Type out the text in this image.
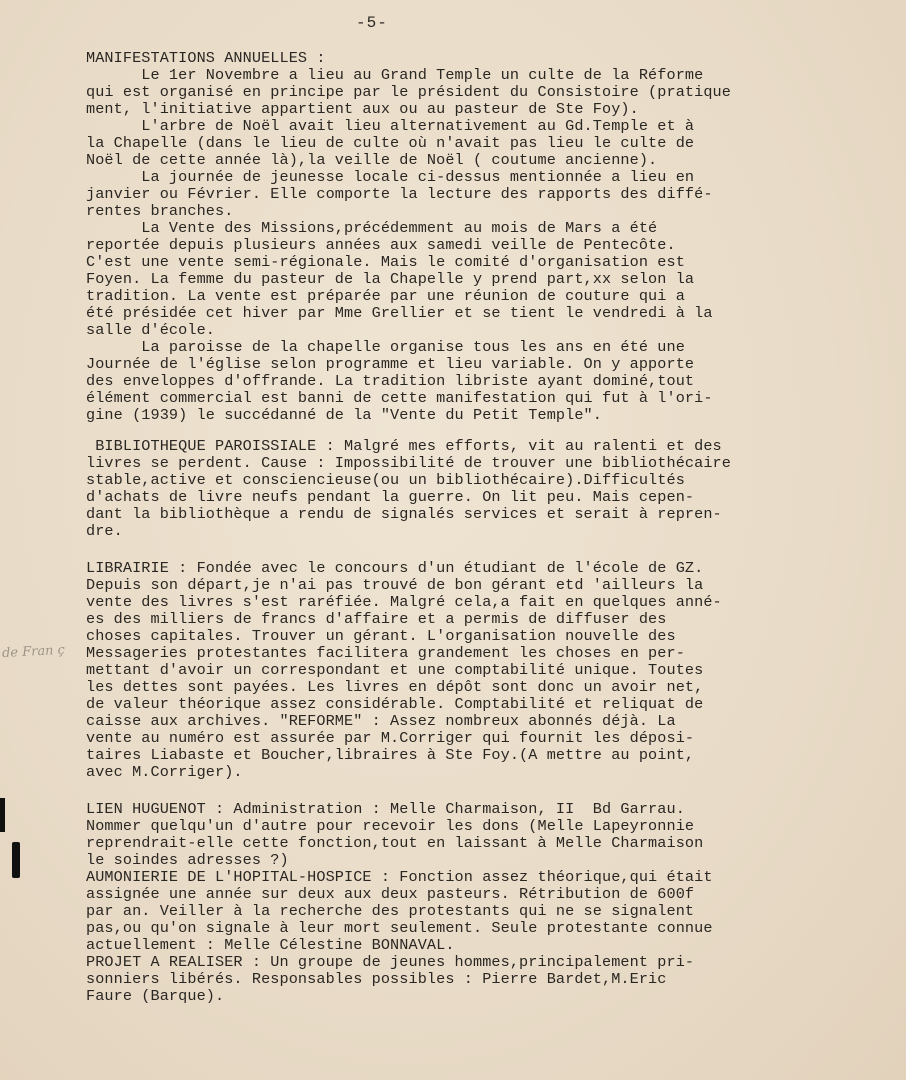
-5-
de Fran ç
MANIFESTATIONS ANNUELLES :
Le 1er Novembre a lieu au Grand Temple un culte de la Réforme
qui est organisé en principe par le président du Consistoire (pratique
ment, l'initiative appartient aux ou au pasteur de Ste Foy).
L'arbre de Noël avait lieu alternativement au Gd.Temple et à
la Chapelle (dans le lieu de culte où n'avait pas lieu le culte de
Noël de cette année là),la veille de Noël ( coutume ancienne).
La journée de jeunesse locale ci-dessus mentionnée a lieu en
janvier ou Février. Elle comporte la lecture des rapports des diffé-
rentes branches.
La Vente des Missions,précédemment au mois de Mars a été
reportée depuis plusieurs années aux samedi veille de Pentecôte.
C'est une vente semi-régionale. Mais le comité d'organisation est
Foyen. La femme du pasteur de la Chapelle y prend part,xx selon la
tradition. La vente est préparée par une réunion de couture qui a
été présidée cet hiver par Mme Grellier et se tient le vendredi à la
salle d'école.
La paroisse de la chapelle organise tous les ans en été une
Journée de l'église selon programme et lieu variable. On y apporte
des enveloppes d'offrande. La tradition libriste ayant dominé,tout
élément commercial est banni de cette manifestation qui fut à l'ori-
gine (1939) le succédanné de la "Vente du Petit Temple".
BIBLIOTHEQUE PAROISSIALE : Malgré mes efforts, vit au ralenti et des
livres se perdent. Cause : Impossibilité de trouver une bibliothécaire
stable,active et consciencieuse(ou un bibliothécaire).Difficultés
d'achats de livre neufs pendant la guerre. On lit peu. Mais cepen-
dant la bibliothèque a rendu de signalés services et serait à repren-
dre.
LIBRAIRIE : Fondée avec le concours d'un étudiant de l'école de GZ.
Depuis son départ,je n'ai pas trouvé de bon gérant etd 'ailleurs la
vente des livres s'est raréfiée. Malgré cela,a fait en quelques anné-
es des milliers de francs d'affaire et a permis de diffuser des
choses capitales. Trouver un gérant. L'organisation nouvelle des
Messageries protestantes facilitera grandement les choses en per-
mettant d'avoir un correspondant et une comptabilité unique. Toutes
les dettes sont payées. Les livres en dépôt sont donc un avoir net,
de valeur théorique assez considérable. Comptabilité et reliquat de
caisse aux archives. "REFORME" : Assez nombreux abonnés déjà. La
vente au numéro est assurée par M.Corriger qui fournit les déposi-
taires Liabaste et Boucher,libraires à Ste Foy.(A mettre au point,
avec M.Corriger).
LIEN HUGUENOT : Administration : Melle Charmaison, II  Bd Garrau.
Nommer quelqu'un d'autre pour recevoir les dons (Melle Lapeyronnie
reprendrait-elle cette fonction,tout en laissant à Melle Charmaison
le soindes adresses ?)
AUMONIERIE DE L'HOPITAL-HOSPICE : Fonction assez théorique,qui était
assignée une année sur deux aux deux pasteurs. Rétribution de 600f
par an. Veiller à la recherche des protestants qui ne se signalent
pas,ou qu'on signale à leur mort seulement. Seule protestante connue
actuellement : Melle Célestine BONNAVAL.
PROJET A REALISER : Un groupe de jeunes hommes,principalement pri-
sonniers libérés. Responsables possibles : Pierre Bardet,M.Eric
Faure (Barque).
